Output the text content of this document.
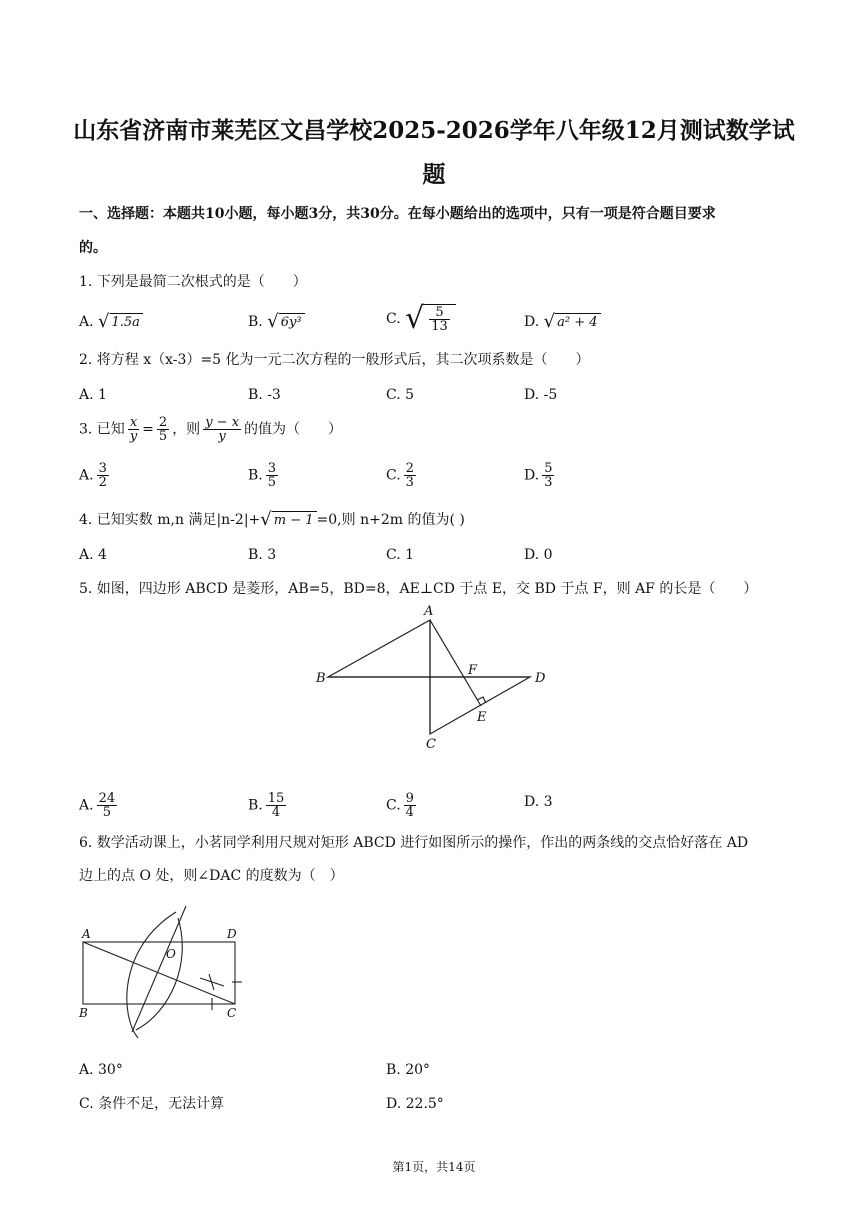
山东省济南市莱芜区文昌学校2025-2026学年八年级12月测试数学试
题
一、选择题：本题共10小题，每小题3分，共30分。在每小题给出的选项中，只有一项是符合题目要求
的。
1. 下列是最简二次根式的是（　　）
A. √ 1.5a	B. √ 6y³	C. √ $\frac{5}{13}$	D. √ a² + 4
2. 将方程 x（x-3）=5 化为一元二次方程的一般形式后，其二次项系数是（　　）
A. 1	B. -3	C. 5	D. -5
3. 已知 $\frac{x}{y} = \frac{2}{5}$ ，则 $\frac{y - x}{y}$ 的值为（　　）
A. $\frac{3}{2}$	B. $\frac{3}{5}$	C. $\frac{2}{3}$	D. $\frac{5}{3}$
4. 已知实数 m,n 满足|n-2|+ √ m − 1 =0,则 n+2m 的值为( )
A. 4	B. 3	C. 1	D. 0
5. 如图，四边形 ABCD 是菱形，AB=5，BD=8，AE⊥CD 于点 E，交 BD 于点 F，则 AF 的长是（　　）
A
B	D
C
F
E
A. $\frac{24}{5}$	B. $\frac{15}{4}$	C. $\frac{9}{4}$	D. 3
6. 数学活动课上，小茗同学利用尺规对矩形 ABCD 进行如图所示的操作，作出的两条线的交点恰好落在 AD
边上的点 O 处，则∠DAC 的度数为（　）
A	D
B	C
O
A. 30°	B. 20°
C. 条件不足，无法计算	D. 22.5°
第1页，共14页
